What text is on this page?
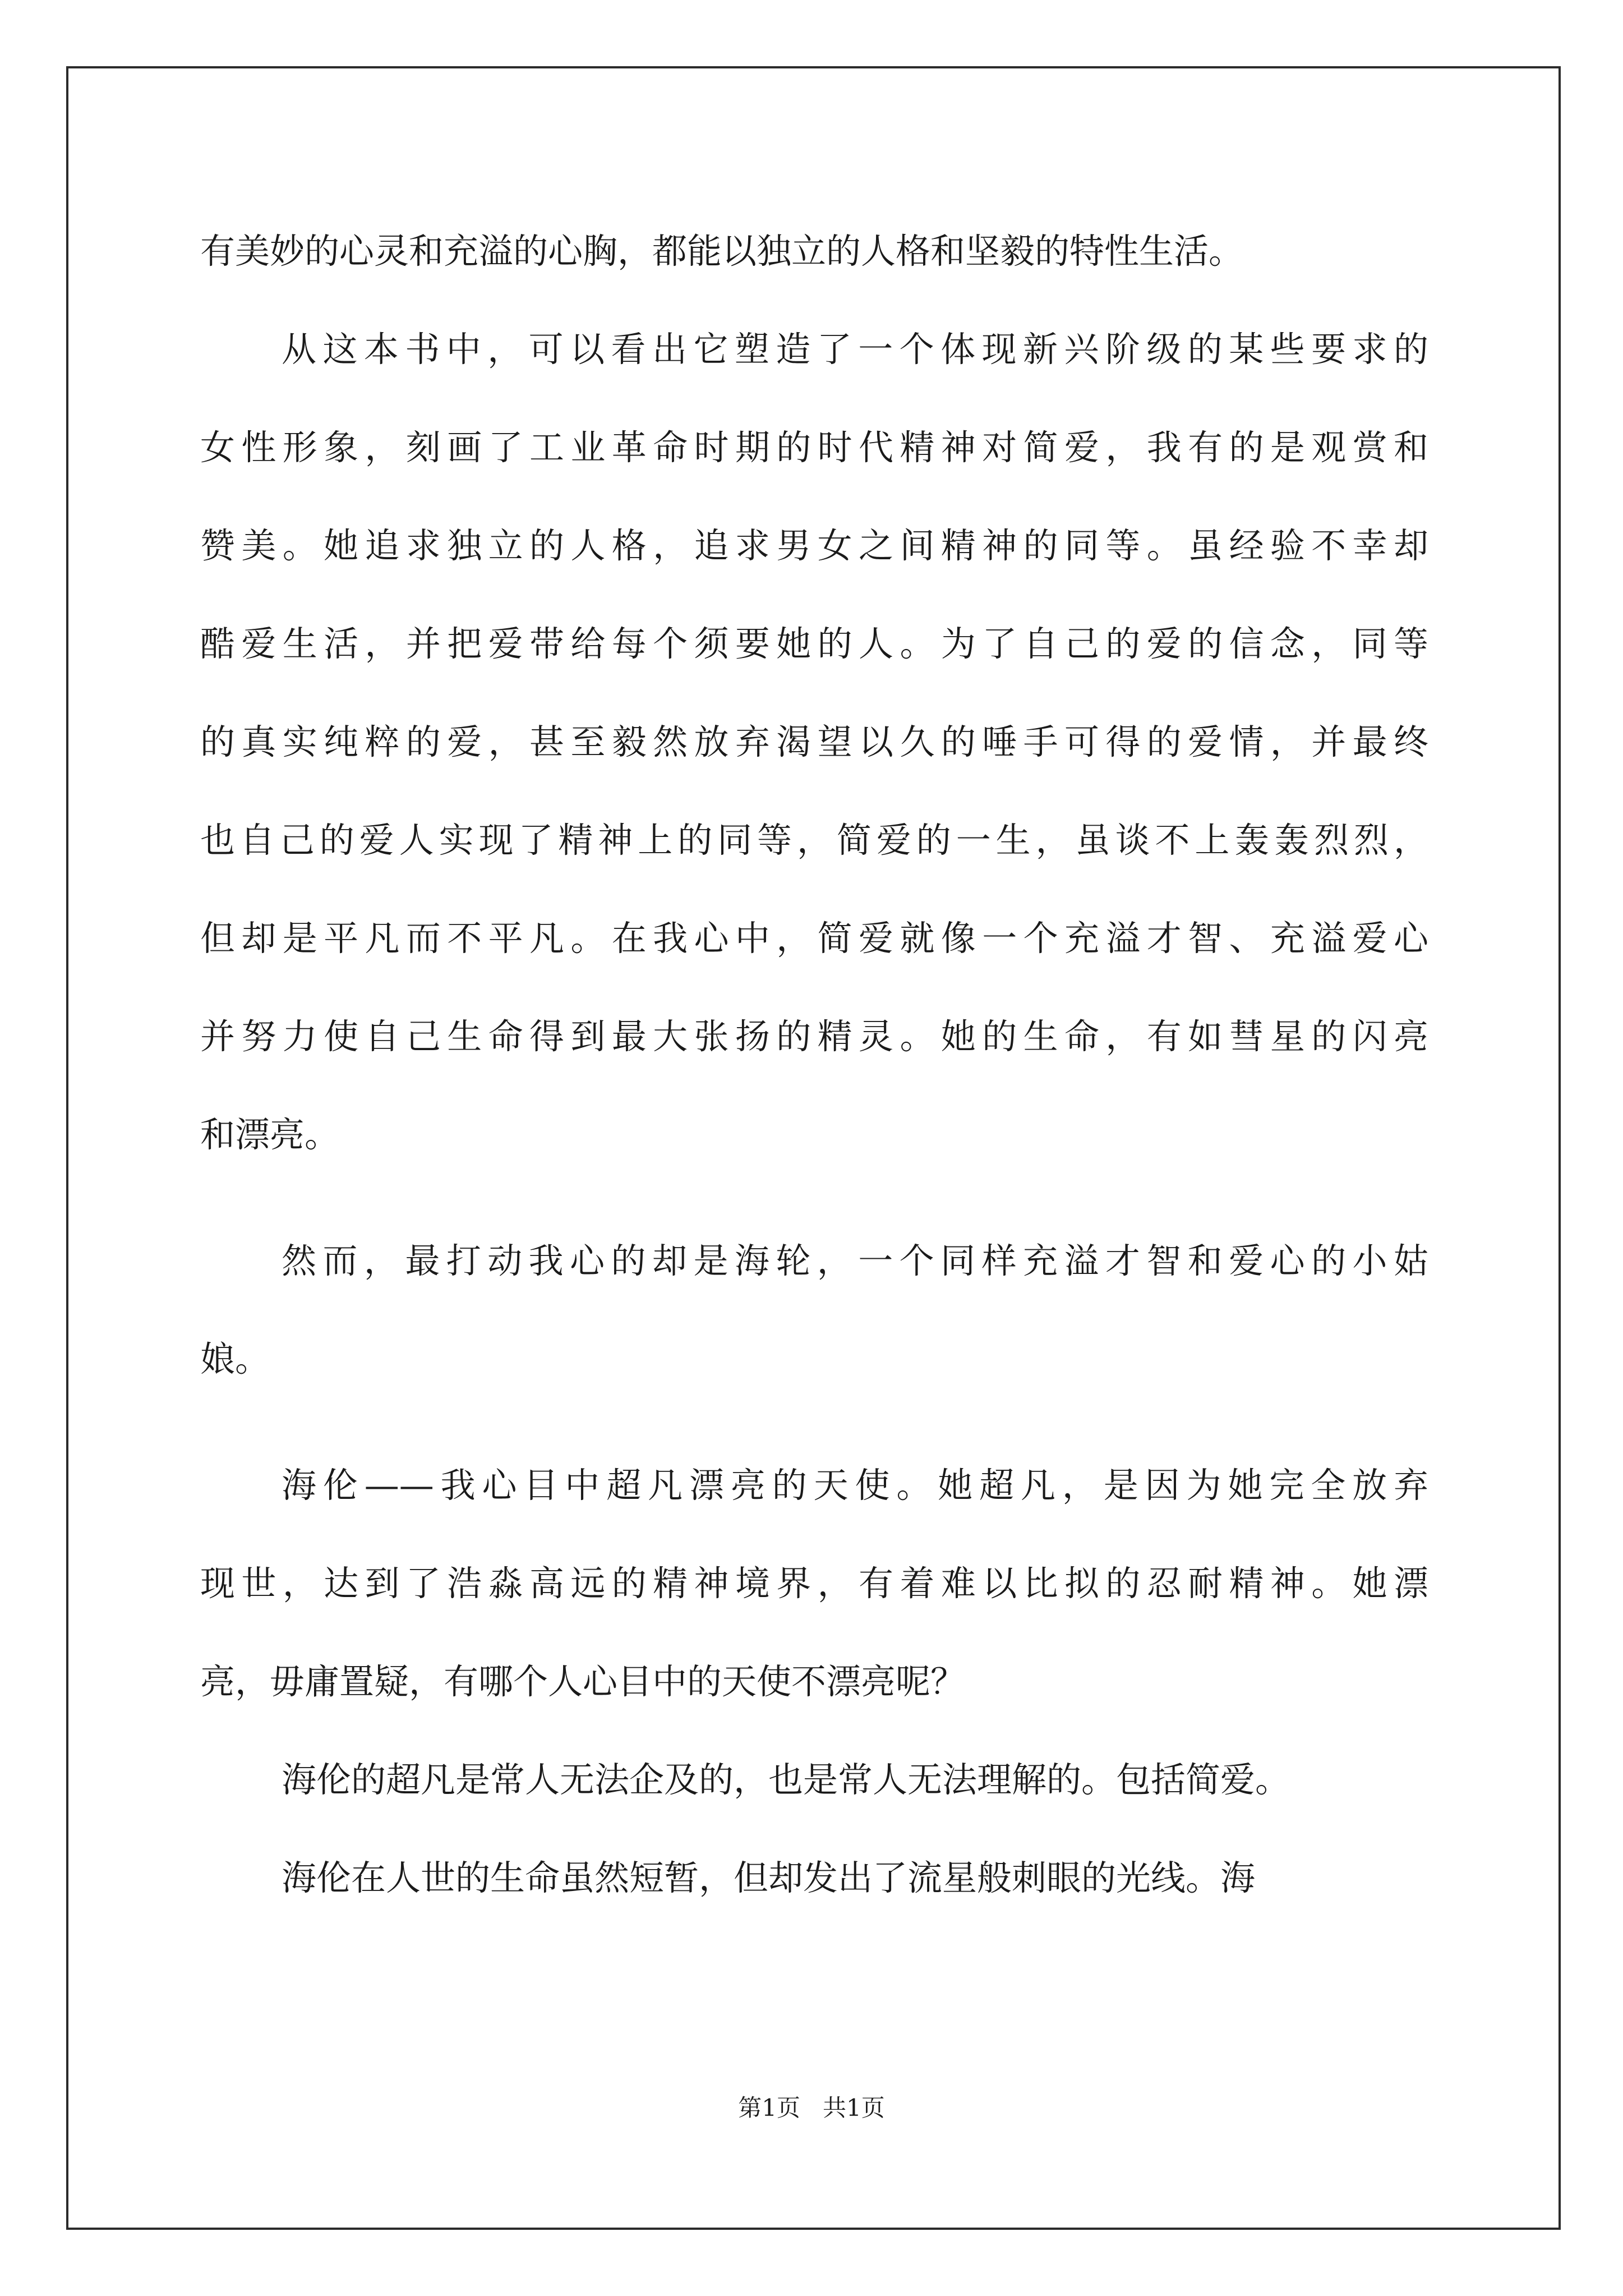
有美妙的心灵和充溢的心胸，都能以独立的人格和坚毅的特性生活。
从这本书中，可以看出它塑造了一个体现新兴阶级的某些要求的
女性形象，刻画了工业革命时期的时代精神对简爱，我有的是观赏和
赞美。她追求独立的人格，追求男女之间精神的同等。虽经验不幸却
酷爱生活，并把爱带给每个须要她的人。为了自己的爱的信念，同等
的真实纯粹的爱，甚至毅然放弃渴望以久的唾手可得的爱情，并最终
也自己的爱人实现了精神上的同等，简爱的一生，虽谈不上轰轰烈烈，
但却是平凡而不平凡。在我心中，简爱就像一个充溢才智、充溢爱心
并努力使自己生命得到最大张扬的精灵。她的生命，有如彗星的闪亮
和漂亮。
然而，最打动我心的却是海轮，一个同样充溢才智和爱心的小姑
娘。
海伦——我心目中超凡漂亮的天使。她超凡，是因为她完全放弃
现世，达到了浩淼高远的精神境界，有着难以比拟的忍耐精神。她漂
亮，毋庸置疑，有哪个人心目中的天使不漂亮呢？
海伦的超凡是常人无法企及的，也是常人无法理解的。包括简爱。
海伦在人世的生命虽然短暂，但却发出了流星般刺眼的光线。海
第1页 共1页
